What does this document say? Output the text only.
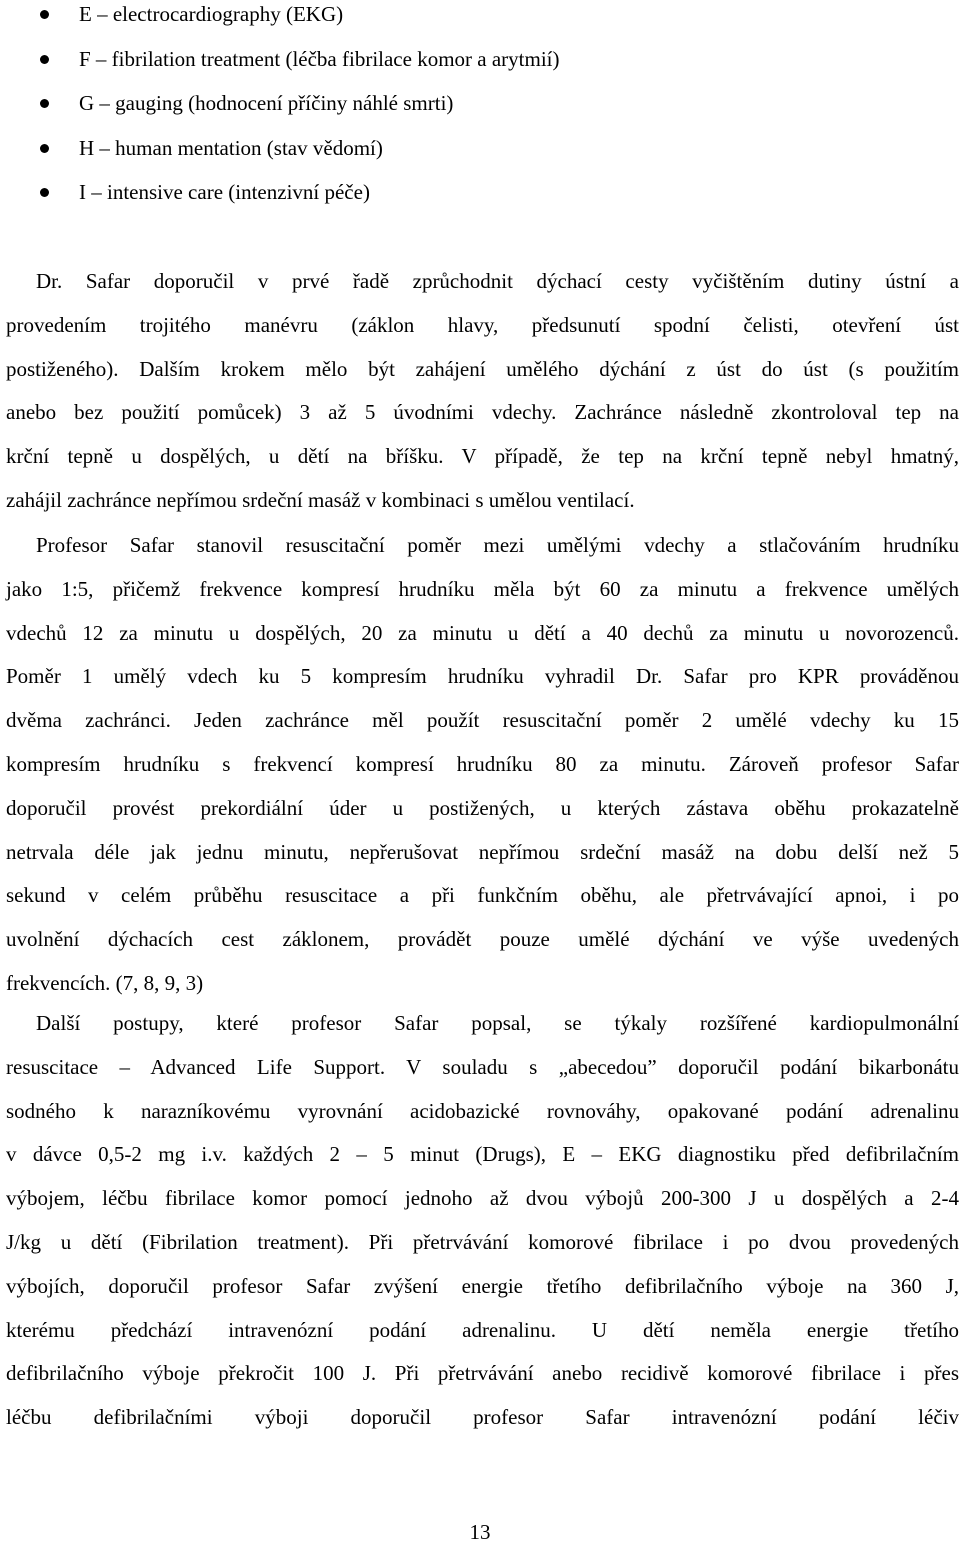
E – electrocardiography (EKG)
F – fibrilation treatment (léčba fibrilace komor a arytmií)
G – gauging (hodnocení příčiny náhlé smrti)
H – human mentation (stav vědomí)
I – intensive care (intenzivní péče)
Dr. Safar doporučil v prvé řadě zprůchodnit dýchací cesty vyčištěním dutiny ústní a
provedením trojitého manévru (záklon hlavy, předsunutí spodní čelisti, otevření úst
postiženého). Dalším krokem mělo být zahájení umělého dýchání z úst do úst (s použitím
anebo bez použití pomůcek) 3 až 5 úvodními vdechy. Zachránce následně zkontroloval tep na
krční tepně u dospělých, u dětí na bříšku. V případě, že tep na krční tepně nebyl hmatný,
zahájil zachránce nepřímou srdeční masáž v kombinaci s umělou ventilací.
Profesor Safar stanovil resuscitační poměr mezi umělými vdechy a stlačováním hrudníku
jako 1:5, přičemž frekvence kompresí hrudníku měla být 60 za minutu a frekvence umělých
vdechů 12 za minutu u dospělých, 20 za minutu u dětí a 40 dechů za minutu u novorozenců.
Poměr 1 umělý vdech ku 5 kompresím hrudníku vyhradil Dr. Safar pro KPR prováděnou
dvěma zachránci. Jeden zachránce měl použít resuscitační poměr 2 umělé vdechy ku 15
kompresím hrudníku s frekvencí kompresí hrudníku 80 za minutu. Zároveň profesor Safar
doporučil provést prekordiální úder u postižených, u kterých zástava oběhu prokazatelně
netrvala déle jak jednu minutu, nepřerušovat nepřímou srdeční masáž na dobu delší než 5
sekund v celém průběhu resuscitace a při funkčním oběhu, ale přetrvávající apnoi, i po
uvolnění dýchacích cest záklonem, provádět pouze umělé dýchání ve výše uvedených
frekvencích. (7, 8, 9, 3)
Další postupy, které profesor Safar popsal, se týkaly rozšířené kardiopulmonální
resuscitace – Advanced Life Support. V souladu s „abecedou” doporučil podání bikarbonátu
sodného k narazníkovému vyrovnání acidobazické rovnováhy, opakované podání adrenalinu
v dávce 0,5-2 mg i.v. každých 2 – 5 minut (Drugs), E – EKG diagnostiku před defibrilačním
výbojem, léčbu fibrilace komor pomocí jednoho až dvou výbojů 200-300 J u dospělých a 2-4
J/kg u dětí (Fibrilation treatment). Při přetrvávání komorové fibrilace i po dvou provedených
výbojích, doporučil profesor Safar zvýšení energie třetího defibrilačního výboje na 360 J,
kterému předchází intravenózní podání adrenalinu. U dětí neměla energie třetího
defibrilačního výboje překročit 100 J. Při přetrvávání anebo recidivě komorové fibrilace i přes
léčbu defibrilačními výboji doporučil profesor Safar intravenózní podání léčiv
13
